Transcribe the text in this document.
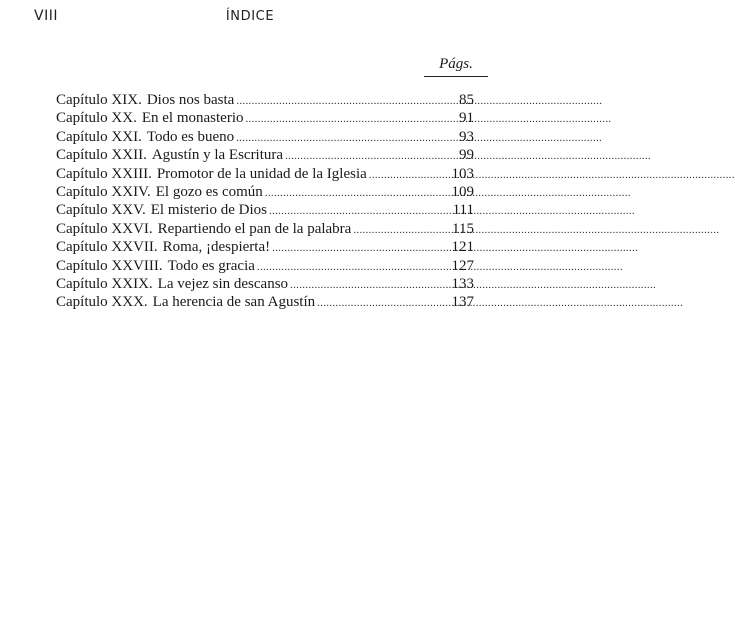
VIII	ÍNDICE
Págs.
Capítulo XIX. Dios nos basta .....	85
Capítulo XX. En el monasterio .....	91
Capítulo XXI. Todo es bueno .....	93
Capítulo XXII. Agustín y la Escritura .....	99
Capítulo XXIII. Promotor de la unidad de la Iglesia .....	103
Capítulo XXIV. El gozo es común .....	109
Capítulo XXV. El misterio de Dios .....	111
Capítulo XXVI. Repartiendo el pan de la palabra .....	115
Capítulo XXVII. Roma, ¡despierta! .....	121
Capítulo XXVIII. Todo es gracia .....	127
Capítulo XXIX. La vejez sin descanso .....	133
Capítulo XXX. La herencia de san Agustín .....	137
